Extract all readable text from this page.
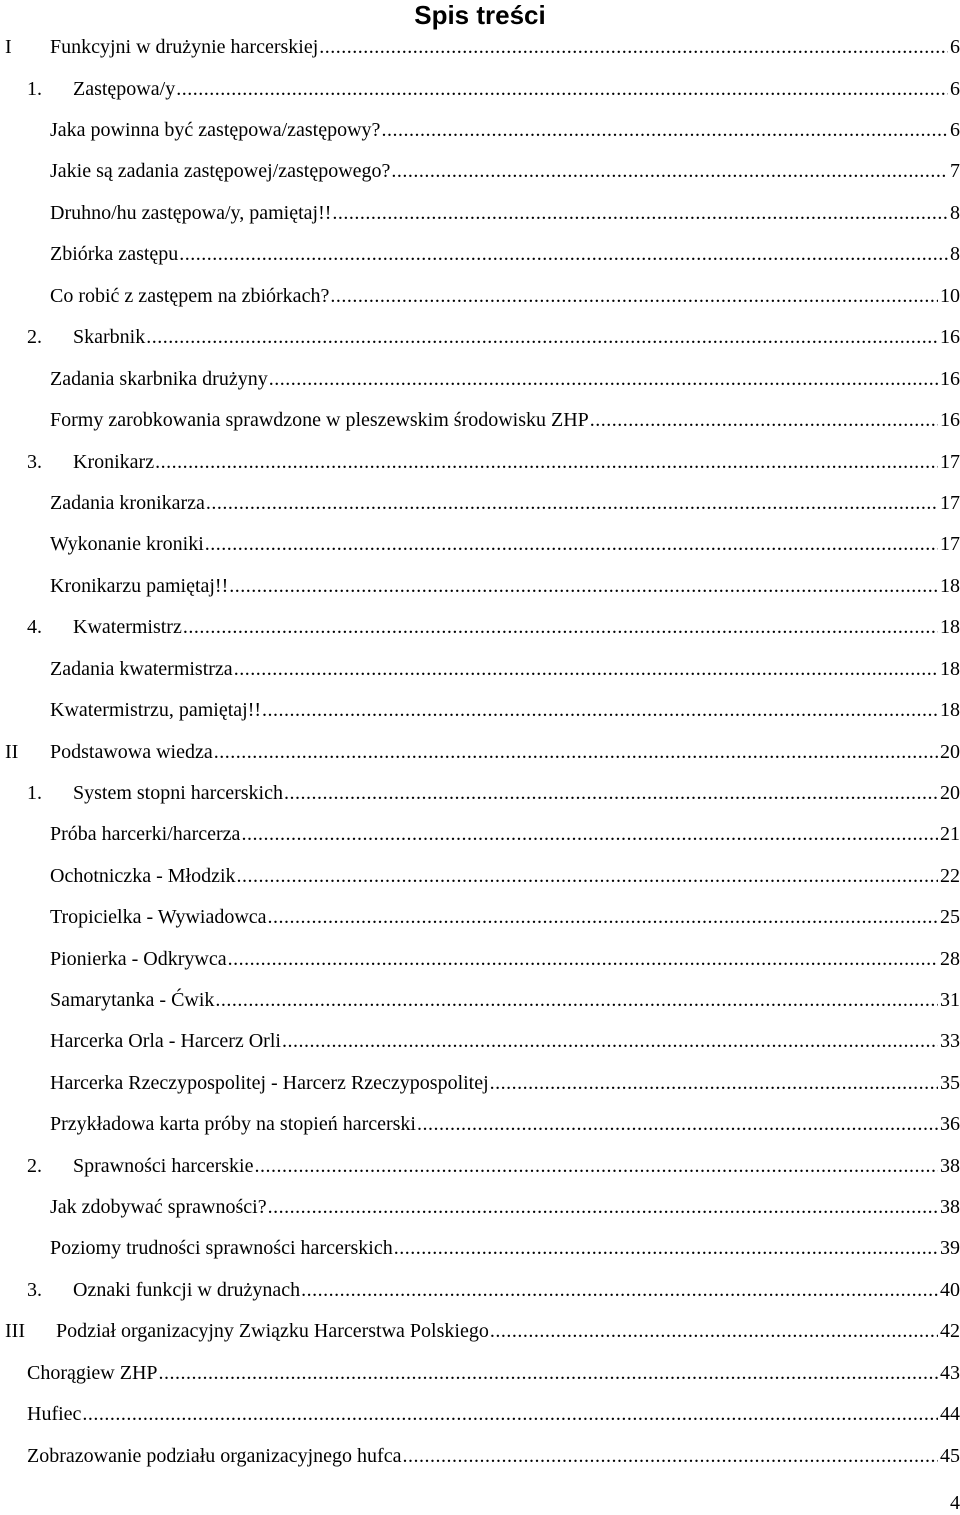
Spis treści
I Funkcyjni w drużynie harcerskiej .....	6
1. Zastępowa/y .....	6
Jaka powinna być zastępowa/zastępowy? .....	6
Jakie są zadania zastępowej/zastępowego? .....	7
Druhno/hu zastępowa/y, pamiętaj!! .....	8
Zbiórka zastępu .....	8
Co robić z zastępem na zbiórkach? .....	10
2. Skarbnik .....	16
Zadania skarbnika drużyny .....	16
Formy zarobkowania sprawdzone w pleszewskim środowisku ZHP .....	16
3. Kronikarz .....	17
Zadania kronikarza .....	17
Wykonanie kroniki .....	17
Kronikarzu pamiętaj!! .....	18
4. Kwatermistrz .....	18
Zadania kwatermistrza .....	18
Kwatermistrzu, pamiętaj!! .....	18
II Podstawowa wiedza .....	20
1. System stopni harcerskich .....	20
Próba harcerki/harcerza .....	21
Ochotniczka - Młodzik .....	22
Tropicielka - Wywiadowca .....	25
Pionierka - Odkrywca .....	28
Samarytanka - Ćwik .....	31
Harcerka Orla - Harcerz Orli .....	33
Harcerka Rzeczypospolitej - Harcerz Rzeczypospolitej .....	35
Przykładowa karta próby na stopień harcerski .....	36
2. Sprawności harcerskie .....	38
Jak zdobywać sprawności? .....	38
Poziomy trudności sprawności harcerskich .....	39
3. Oznaki funkcji w drużynach .....	40
III Podział organizacyjny Związku Harcerstwa Polskiego .....	42
Chorągiew ZHP .....	43
Hufiec .....	44
Zobrazowanie podziału organizacyjnego hufca .....	45
4
